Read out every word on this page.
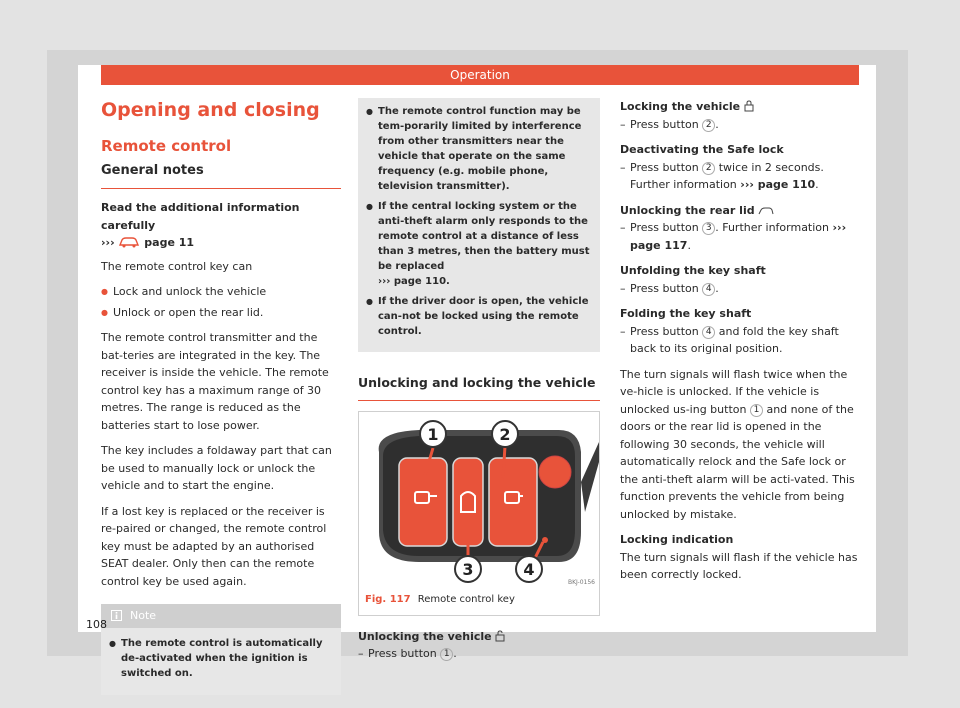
Operation
Opening and closing
Remote control
General notes
Read the additional information carefully
›››	page 11

The remote control key can

● Lock and unlock the vehicle
● Unlock or open the rear lid.

The remote control transmitter and the bat-teries are integrated in the key. The receiver is inside the vehicle. The remote control key has a maximum range of 30 metres. The range is reduced as the batteries start to lose power.

The key includes a foldaway part that can be used to manually lock or unlock the vehicle and to start the engine.

If a lost key is replaced or the receiver is re-paired or changed, the remote control key must be adapted by an authorised SEAT dealer. Only then can the remote control key be used again.

Note
● The remote control is automatically de-activated when the ignition is switched on.
● The remote control function may be tem-porarily limited by interference from other transmitters near the vehicle that operate on the same frequency (e.g. mobile phone, television transmitter).
● If the central locking system or the anti-theft alarm only responds to the remote control at a distance of less than 3 metres, then the battery must be replaced
››› page 110.
● If the driver door is open, the vehicle can-not be locked using the remote control.
Unlocking and locking the vehicle
1	2
3	4
BKJ-0156
Fig. 117 Remote control key
Unlocking the vehicle
– Press button 1 .
Locking the vehicle
– Press button 2 .
Deactivating the Safe lock
– Press button 2 twice in 2 seconds. Further information ››› page 110.
Unlocking the rear lid
– Press button 3 . Further information ››› page 117.
Unfolding the key shaft
– Press button 4 .
Folding the key shaft
– Press button 4 and fold the key shaft back to its original position.

The turn signals will flash twice when the ve-hicle is unlocked. If the vehicle is unlocked us-ing button 1 and none of the doors or the rear lid is opened in the following 30 seconds, the vehicle will automatically relock and the Safe lock or the anti-theft alarm will be acti-vated. This function prevents the vehicle from being unlocked by mistake.

Locking indication

The turn signals will flash if the vehicle has been correctly locked.

108
